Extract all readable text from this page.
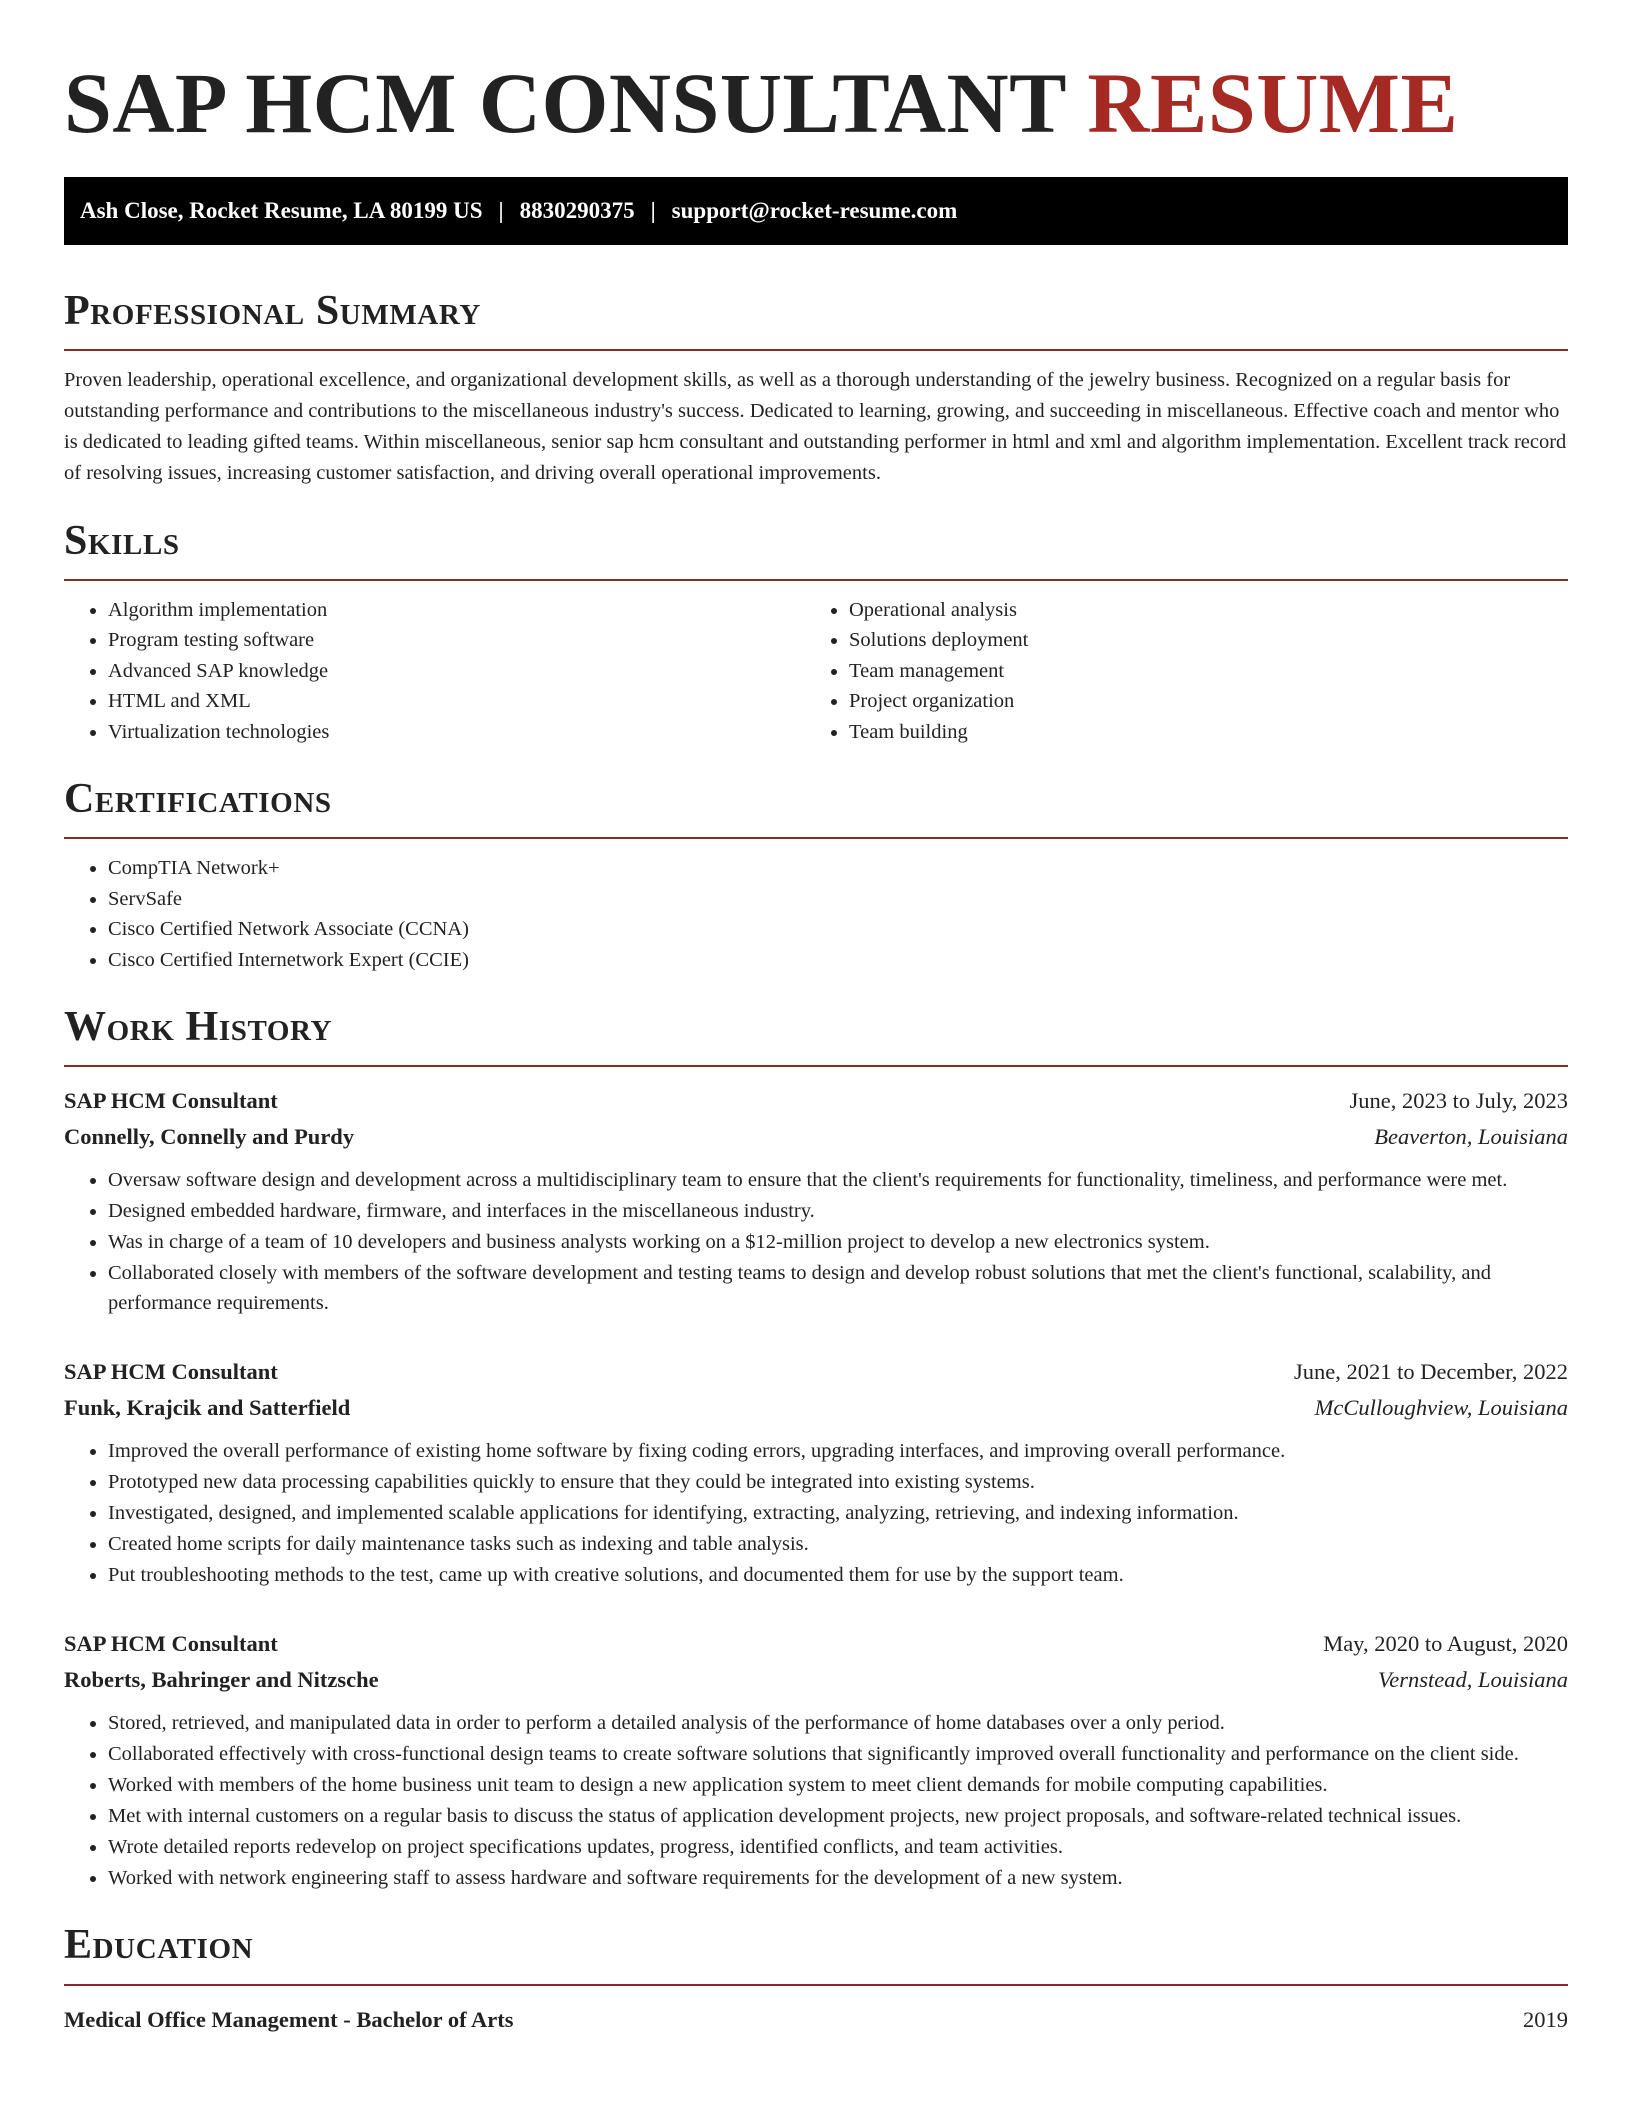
SAP HCM CONSULTANT RESUME
Ash Close, Rocket Resume, LA 80199 US | 8830290375 | support@rocket-resume.com
Professional Summary

Proven leadership, operational excellence, and organizational development skills, as well as a thorough understanding of the jewelry business. Recognized on a regular basis for outstanding performance and contributions to the miscellaneous industry's success. Dedicated to learning, growing, and succeeding in miscellaneous. Effective coach and mentor who is dedicated to leading gifted teams. Within miscellaneous, senior sap hcm consultant and outstanding performer in html and xml and algorithm implementation. Excellent track record of resolving issues, increasing customer satisfaction, and driving overall operational improvements.

Skills
• Algorithm implementation
• Program testing software
• Advanced SAP knowledge
• HTML and XML
• Virtualization technologies
• Operational analysis
• Solutions deployment
• Team management
• Project organization
• Team building
Certifications
• CompTIA Network+
• ServSafe
• Cisco Certified Network Associate (CCNA)
• Cisco Certified Internetwork Expert (CCIE)
Work History
SAP HCM Consultant	June, 2023 to July, 2023
Connelly, Connelly and Purdy	Beaverton, Louisiana
• Oversaw software design and development across a multidisciplinary team to ensure that the client's requirements for functionality, timeliness, and performance were met.
• Designed embedded hardware, firmware, and interfaces in the miscellaneous industry.
• Was in charge of a team of 10 developers and business analysts working on a $12-million project to develop a new electronics system.
• Collaborated closely with members of the software development and testing teams to design and develop robust solutions that met the client's functional, scalability, and performance requirements.
SAP HCM Consultant	June, 2021 to December, 2022
Funk, Krajcik and Satterfield	McCulloughview, Louisiana
• Improved the overall performance of existing home software by fixing coding errors, upgrading interfaces, and improving overall performance.
• Prototyped new data processing capabilities quickly to ensure that they could be integrated into existing systems.
• Investigated, designed, and implemented scalable applications for identifying, extracting, analyzing, retrieving, and indexing information.
• Created home scripts for daily maintenance tasks such as indexing and table analysis.
• Put troubleshooting methods to the test, came up with creative solutions, and documented them for use by the support team.
SAP HCM Consultant	May, 2020 to August, 2020
Roberts, Bahringer and Nitzsche	Vernstead, Louisiana
• Stored, retrieved, and manipulated data in order to perform a detailed analysis of the performance of home databases over a only period.
• Collaborated effectively with cross-functional design teams to create software solutions that significantly improved overall functionality and performance on the client side.
• Worked with members of the home business unit team to design a new application system to meet client demands for mobile computing capabilities.
• Met with internal customers on a regular basis to discuss the status of application development projects, new project proposals, and software-related technical issues.
• Wrote detailed reports redevelop on project specifications updates, progress, identified conflicts, and team activities.
• Worked with network engineering staff to assess hardware and software requirements for the development of a new system.
Education
Medical Office Management - Bachelor of Arts	2019
